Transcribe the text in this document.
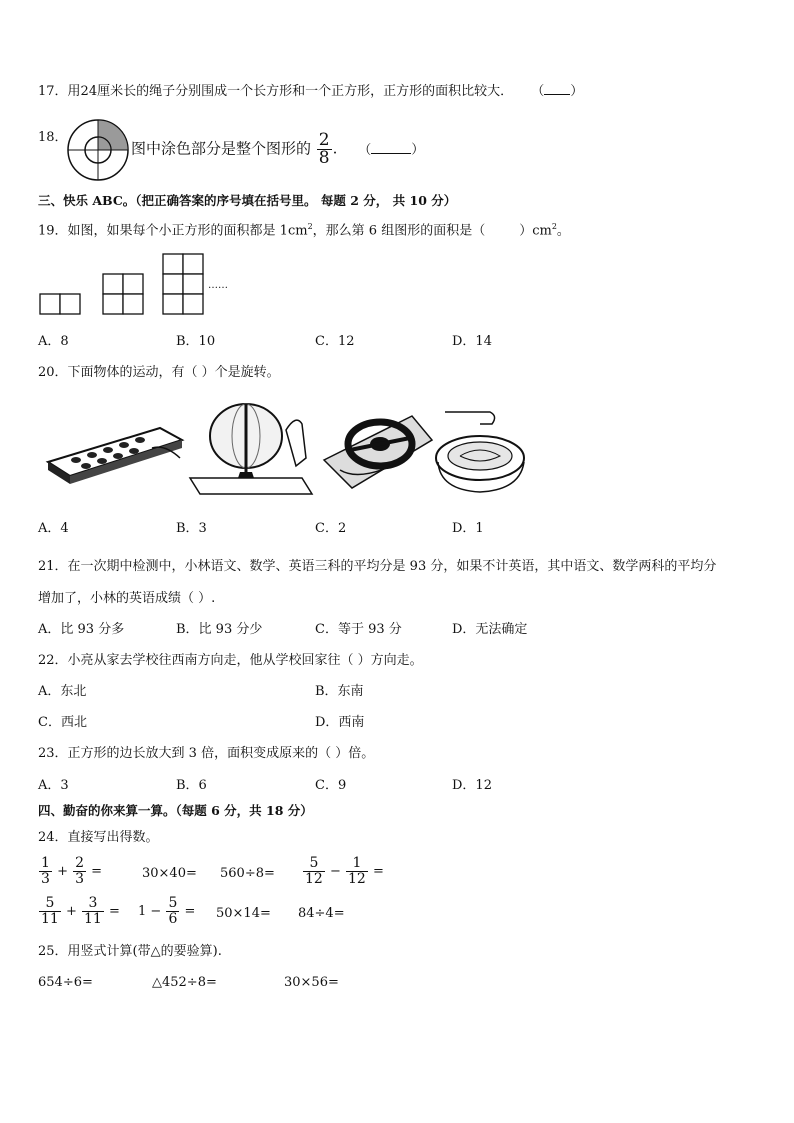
17．用24厘米长的绳子分别围成一个长方形和一个正方形，正方形的面积比较大． （ ）
18．
图中涂色部分是整个图形的 $\frac{2}{8}$ . （	）
三、快乐 ABC。（把正确答案的序号填在括号里。 每题 2 分， 共 10 分）
19．如图，如果每个小正方形的面积都是 $1cm^2$，那么第 6 组图形的面积是（	）$cm^2$。
……
A．8	B．10	C．12	D．14
20．下面物体的运动，有（ ）个是旋转。
A．4	B．3	C．2	D．1
21．在一次期中检测中，小林语文、数学、英语三科的平均分是 93 分，如果不计英语，其中语文、数学两科的平均分
增加了，小林的英语成绩（ ）.
A．比 93 分多	B．比 93 分少	C．等于 93 分	D．无法确定
22．小亮从家去学校往西南方向走，他从学校回家往（ ）方向走。
A．东北	B．东南
C．西北	D．西南
23．正方形的边长放大到 3 倍，面积变成原来的（ ）倍。
A．3	B．6	C．9	D．12
四、勤奋的你来算一算。（每题 6 分，共 18 分）
24．直接写出得数。
$\frac{1}{3} + \frac{2}{3}$ =	$30\times 40= 560\div 8= \frac{5}{12} - \frac{1}{12}$ =
$\frac{5}{11} + \frac{3}{11} = 1 - \frac{5}{6} = 50\times 14= 84\div 4=$
25．用竖式计算(带△的要验算).
654÷6=	△452÷8=	30×56=
